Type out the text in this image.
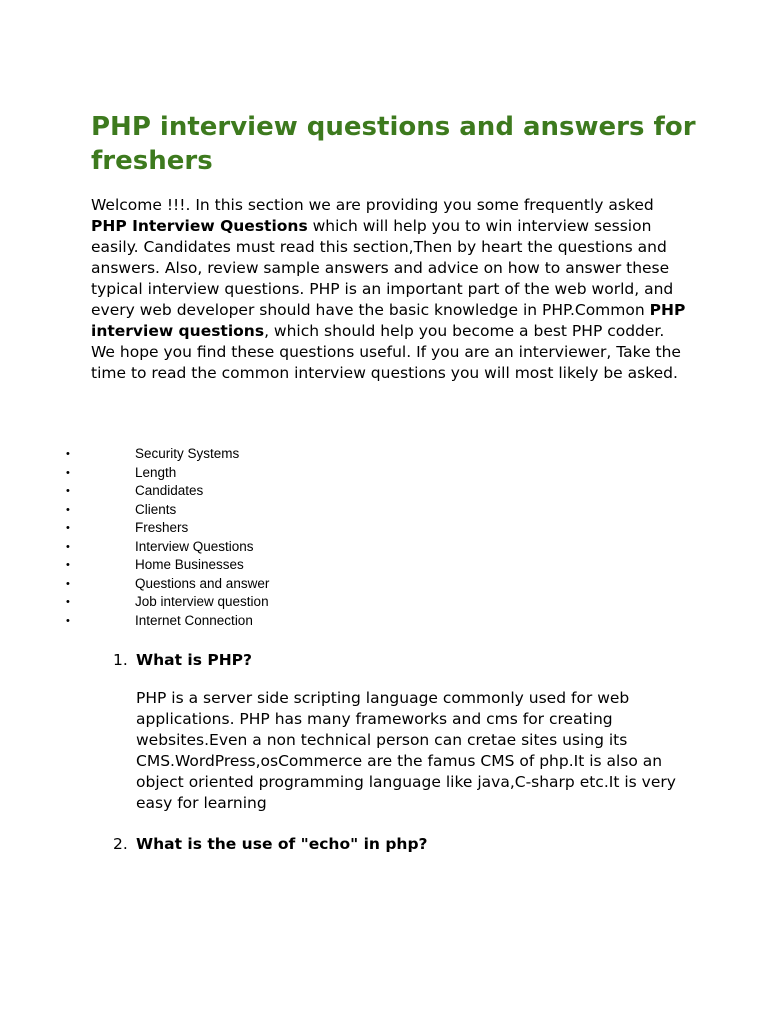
PHP interview questions and answers for freshers

Welcome !!!. In this section we are providing you some frequently asked PHP Interview Questions which will help you to win interview session easily. Candidates must read this section,Then by heart the questions and answers. Also, review sample answers and advice on how to answer these typical interview questions. PHP is an important part of the web world, and every web developer should have the basic knowledge in PHP.Common PHP interview questions, which should help you become a best PHP codder. We hope you find these questions useful. If you are an interviewer, Take the time to read the common interview questions you will most likely be asked.

•	Security Systems
•	Length
•	Candidates
•	Clients
•	Freshers
•	Interview Questions
•	Home Businesses
•	Questions and answer
•	Job interview question
•	Internet Connection

1. What is PHP?

PHP is a server side scripting language commonly used for web applications. PHP has many frameworks and cms for creating websites.Even a non technical person can cretae sites using its CMS.WordPress,osCommerce are the famus CMS of php.It is also an object oriented programming language like java,C-sharp etc.It is very easy for learning

2. What is the use of "echo" in php?
